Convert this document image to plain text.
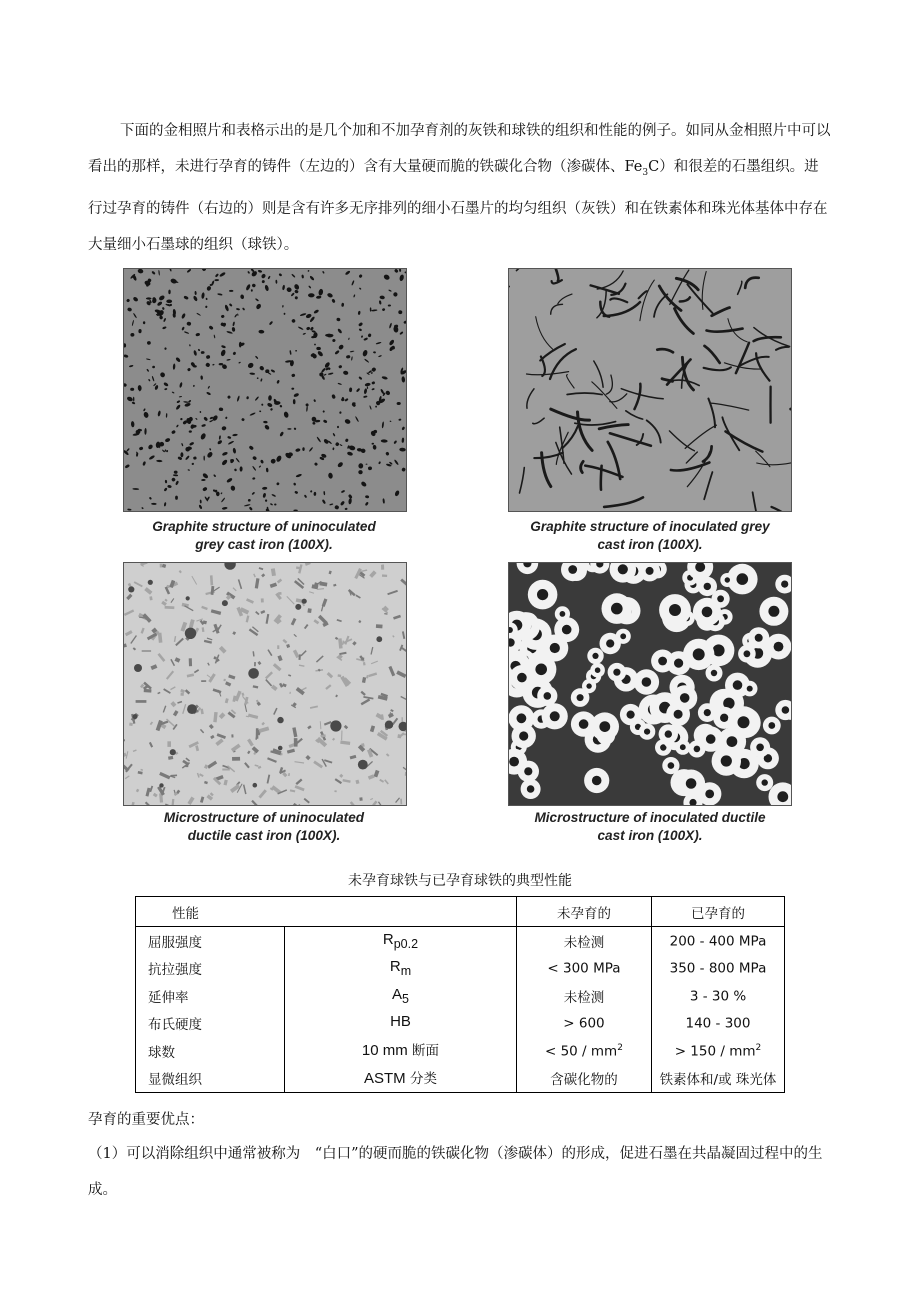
下面的金相照片和表格示出的是几个加和不加孕育剂的灰铁和球铁的组织和性能的例子。如同从金相照片中可以看出的那样，未进行孕育的铸件（左边的）含有大量硬而脆的铁碳化合物（渗碳体、$Fe_3C$）和很差的石墨组织。进行过孕育的铸件（右边的）则是含有许多无序排列的细小石墨片的均匀组织（灰铁）和在铁素体和珠光体基体中存在大量细小石墨球的组织（球铁）。

Graphite structure of uninoculated
grey cast iron (100X).
Graphite structure of inoculated grey
cast iron (100X).
Microstructure of uninoculated
ductile cast iron (100X).
Microstructure of inoculated ductile
cast iron (100X).
未孕育球铁与已孕育球铁的典型性能
性能		未孕育的	已孕育的
屈服强度	$R_{p0.2}$	未检测	200 - 400 MPa
抗拉强度	$R_m$	< 300 MPa	350 - 800 MPa
延伸率	$A_5$	未检测	3 - 30 %
布氏硬度	HB	> 600	140 - 300
球数	10 mm 断面	< $50 / mm^2$	> $150 / mm^2$
显微组织	ASTM 分类	含碳化物的	铁素体和/或 珠光体
孕育的重要优点：
（1）可以消除组织中通常被称为　“白口”的硬而脆的铁碳化物（渗碳体）的形成，促进石墨在共晶凝固过程中的生成。
